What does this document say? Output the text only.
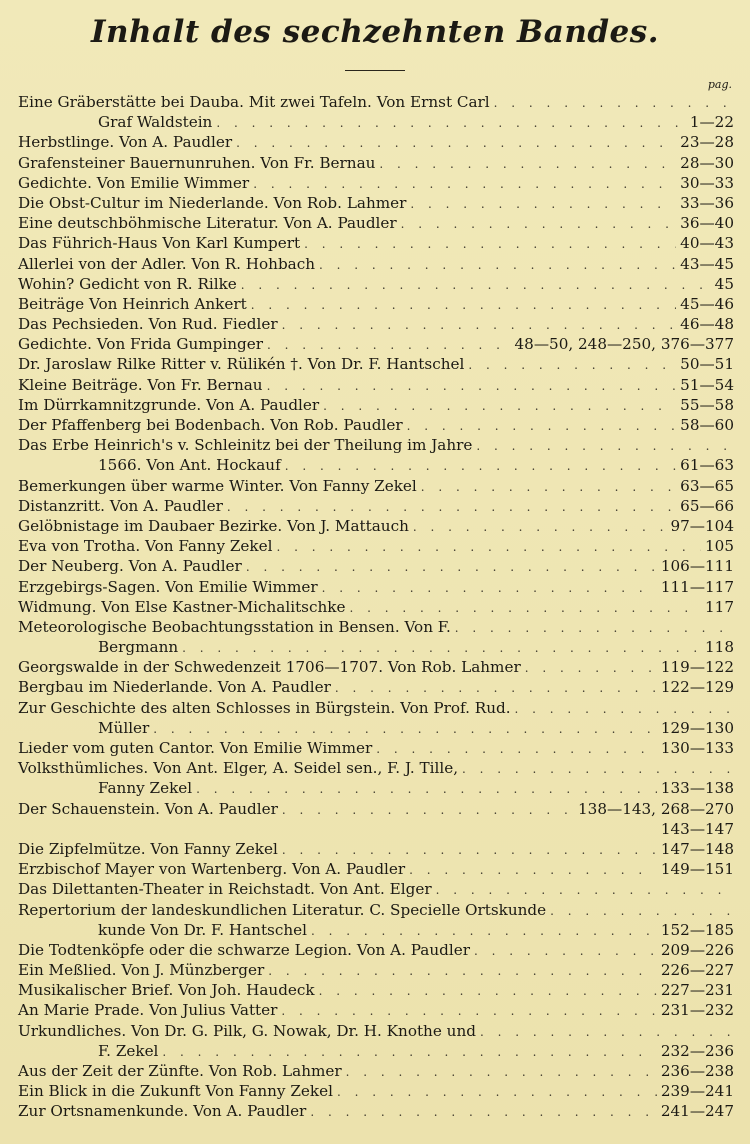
Inhalt des sechzehnten Bandes.
pag.
Eine Gräberstätte bei Dauba. Mit zwei Tafeln. Von Ernst Carl
. . .
Graf Waldstein . . .	1—22
Herbstlinge. Von A. Paudler . . .	23—28
Grafensteiner Bauernunruhen. Von Fr. Bernau . . .	28—30
Gedichte. Von Emilie Wimmer . . .	30—33
Die Obst-Cultur im Niederlande. Von Rob. Lahmer . . .	33—36
Eine deutschböhmische Literatur. Von A. Paudler . . .	36—40
Das Führich-Haus Von Karl Kumpert . . .	40—43
Allerlei von der Adler. Von R. Hohbach . . .	43—45
Wohin? Gedicht von R. Rilke . . .	45
Beiträge Von Heinrich Ankert . . .	45—46
Das Pechsieden. Von Rud. Fiedler . . .	46—48
Gedichte. Von Frida Gumpinger . . .	48—50, 248—250, 376—377
Dr. Jaroslaw Rilke Ritter v. Rülikén †. Von Dr. F. Hantschel . . .	50—51
Kleine Beiträge. Von Fr. Bernau . . .	51—54
Im Dürrkamnitzgrunde. Von A. Paudler . . .	55—58
Der Pfaffenberg bei Bodenbach. Von Rob. Paudler . . .	58—60
Das Erbe Heinrich's v. Schleinitz bei der Theilung im Jahre
. . .
1566. Von Ant. Hockauf . . .	61—63
Bemerkungen über warme Winter. Von Fanny Zekel . . .	63—65
Distanzritt. Von A. Paudler . . .	65—66
Gelöbnistage im Daubaer Bezirke. Von J. Mattauch . . .	97—104
Eva von Trotha. Von Fanny Zekel . . .	105
Der Neuberg. Von A. Paudler . . .	106—111
Erzgebirgs-Sagen. Von Emilie Wimmer . . .	111—117
Widmung. Von Else Kastner-Michalitschke . . .	117
Meteorologische Beobachtungsstation in Bensen. Von F.
. . .
Bergmann . . .	118
Georgswalde in der Schwedenzeit 1706—1707. Von Rob. Lahmer . . .	119—122
Bergbau im Niederlande. Von A. Paudler . . .	122—129
Zur Geschichte des alten Schlosses in Bürgstein. Von Prof. Rud.
. . .
Müller . . .	129—130
Lieder vom guten Cantor. Von Emilie Wimmer . . .	130—133
Volksthümliches. Von Ant. Elger, A. Seidel sen., F. J. Tille,
. . .
Fanny Zekel . . .	133—138
Der Schauenstein. Von A. Paudler . . .	138—143, 268—270
143—147
Die Zipfelmütze. Von Fanny Zekel . . .	147—148
Erzbischof Mayer von Wartenberg. Von A. Paudler . . .	149—151
Das Dilettanten-Theater in Reichstadt. Von Ant. Elger
. . .
Repertorium der landeskundlichen Literatur. C. Specielle Ortskunde
. . .
kunde Von Dr. F. Hantschel . . .	152—185
Die Todtenköpfe oder die schwarze Legion. Von A. Paudler . . .	209—226
Ein Meßlied. Von J. Münzberger . . .	226—227
Musikalischer Brief. Von Joh. Haudeck . . .	227—231
An Marie Prade. Von Julius Vatter . . .	231—232
Urkundliches. Von Dr. G. Pilk, G. Nowak, Dr. H. Knothe und
. . .
F. Zekel . . .	232—236
Aus der Zeit der Zünfte. Von Rob. Lahmer . . .	236—238
Ein Blick in die Zukunft Von Fanny Zekel . . .	239—241
Zur Ortsnamenkunde. Von A. Paudler . . .	241—247
